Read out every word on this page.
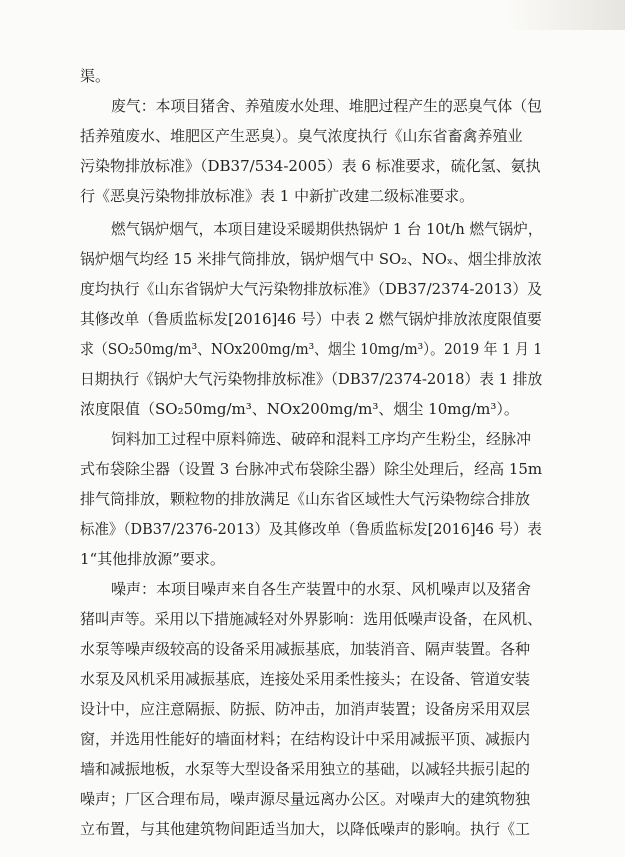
渠。
废气：本项目猪舍、养殖废水处理、堆肥过程产生的恶臭气体（包
括养殖废水、堆肥区产生恶臭）。臭气浓度执行《山东省畜禽养殖业
污染物排放标准》（DB37/534-2005）表 6 标准要求，硫化氢、氨执
行《恶臭污染物排放标准》表 1 中新扩改建二级标准要求。
燃气锅炉烟气，本项目建设采暖期供热锅炉 1 台 10t/h 燃气锅炉，
锅炉烟气均经 15 米排气筒排放，锅炉烟气中 SO₂、NOₓ、烟尘排放浓
度均执行《山东省锅炉大气污染物排放标准》（DB37/2374-2013）及
其修改单（鲁质监标发[2016]46 号）中表 2 燃气锅炉排放浓度限值要
求（SO₂50mg/m³、NOx200mg/m³、烟尘 10mg/m³）。2019 年 1 月 1
日期执行《锅炉大气污染物排放标准》（DB37/2374-2018）表 1 排放
浓度限值（SO₂50mg/m³、NOx200mg/m³、烟尘 10mg/m³）。
饲料加工过程中原料筛选、破碎和混料工序均产生粉尘，经脉冲
式布袋除尘器（设置 3 台脉冲式布袋除尘器）除尘处理后，经高 15m
排气筒排放，颗粒物的排放满足《山东省区域性大气污染物综合排放
标准》（DB37/2376-2013）及其修改单（鲁质监标发[2016]46 号）表
1“其他排放源”要求。
噪声：本项目噪声来自各生产装置中的水泵、风机噪声以及猪舍
猪叫声等。采用以下措施减轻对外界影响：选用低噪声设备，在风机、
水泵等噪声级较高的设备采用减振基底，加装消音、隔声装置。各种
水泵及风机采用减振基底，连接处采用柔性接头；在设备、管道安装
设计中，应注意隔振、防振、防冲击，加消声装置；设备房采用双层
窗，并选用性能好的墙面材料；在结构设计中采用减振平顶、减振内
墙和减振地板，水泵等大型设备采用独立的基础，以减轻共振引起的
噪声；厂区合理布局，噪声源尽量远离办公区。对噪声大的建筑物独
立布置，与其他建筑物间距适当加大，以降低噪声的影响。执行《工
